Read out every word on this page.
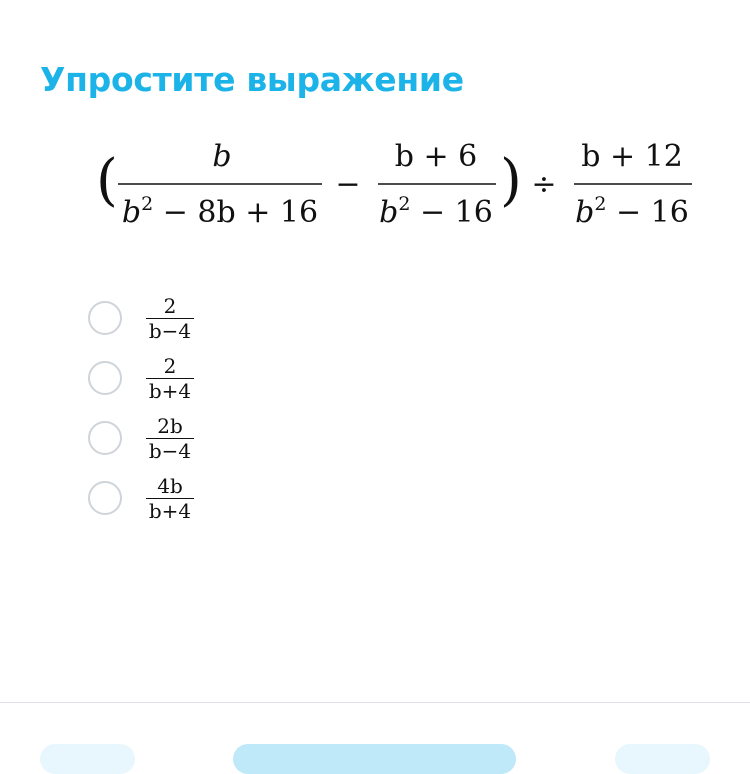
Упростите выражение
(	b
$b^2 - 8b + 16$
−
b + 6
$b^2 - 16$ ) ÷
b + 12
$b^2 - 16$
$\frac{2}{b-4}$
$\frac{2}{b+4}$
$\frac{2b}{b-4}$
$\frac{4b}{b+4}$
